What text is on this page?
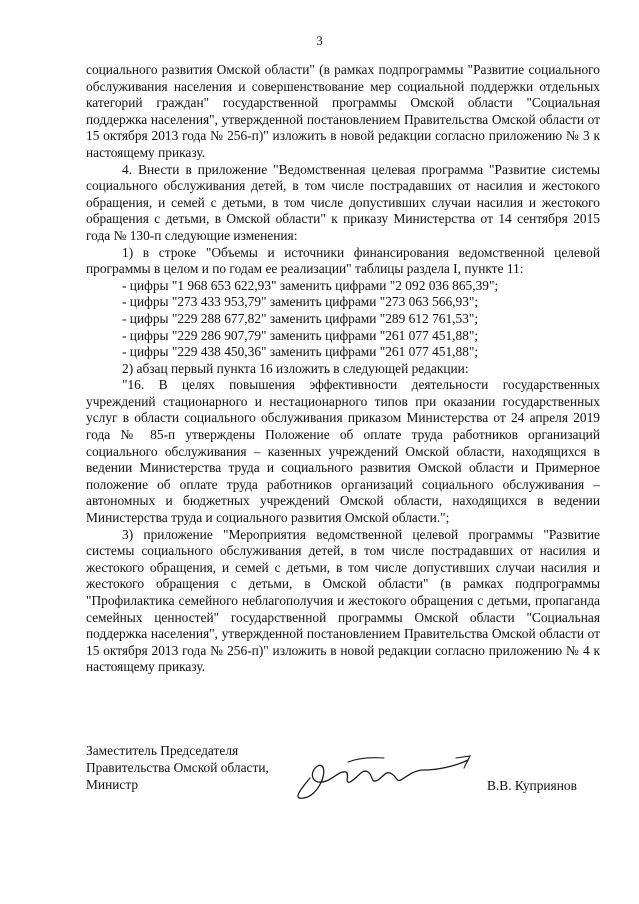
3

социального развития Омской области" (в рамках подпрограммы "Развитие социального обслуживания населения и совершенствование мер социальной поддержки отдельных категорий граждан" государственной программы Омской области "Социальная поддержка населения", утвержденной постановлением Правительства Омской области от 15 октября 2013 года № 256-п)" изложить в новой редакции согласно приложению № 3 к настоящему приказу.

4. Внести в приложение "Ведомственная целевая программа "Развитие системы социального обслуживания детей, в том числе пострадавших от насилия и жестокого обращения, и семей с детьми, в том числе допустивших случаи насилия и жестокого обращения с детьми, в Омской области" к приказу Министерства от 14 сентября 2015 года № 130-п следующие изменения:

1) в строке "Объемы и источники финансирования ведомственной целевой программы в целом и по годам ее реализации" таблицы раздела I, пункте 11:

- цифры "1 968 653 622,93" заменить цифрами "2 092 036 865,39";

- цифры "273 433 953,79" заменить цифрами "273 063 566,93";

- цифры "229 288 677,82" заменить цифрами "289 612 761,53";

- цифры "229 286 907,79" заменить цифрами "261 077 451,88";

- цифры "229 438 450,36" заменить цифрами "261 077 451,88";

2) абзац первый пункта 16 изложить в следующей редакции:

"16. В целях повышения эффективности деятельности государственных учреждений стационарного и нестационарного типов при оказании государственных услуг в области социального обслуживания приказом Министерства от 24 апреля 2019 года № 85-п утверждены Положение об оплате труда работников организаций социального обслуживания – казенных учреждений Омской области, находящихся в ведении Министерства труда и социального развития Омской области и Примерное положение об оплате труда работников организаций социального обслуживания – автономных и бюджетных учреждений Омской области, находящихся в ведении Министерства труда и социального развития Омской области.";

3) приложение "Мероприятия ведомственной целевой программы "Развитие системы социального обслуживания детей, в том числе пострадавших от насилия и жестокого обращения, и семей с детьми, в том числе допустивших случаи насилия и жестокого обращения с детьми, в Омской области" (в рамках подпрограммы "Профилактика семейного неблагополучия и жестокого обращения с детьми, пропаганда семейных ценностей" государственной программы Омской области "Социальная поддержка населения", утвержденной постановлением Правительства Омской области от 15 октября 2013 года № 256-п)" изложить в новой редакции согласно приложению № 4 к настоящему приказу.

Заместитель Председателя
Правительства Омской области,
Министр	В.В. Куприянов
